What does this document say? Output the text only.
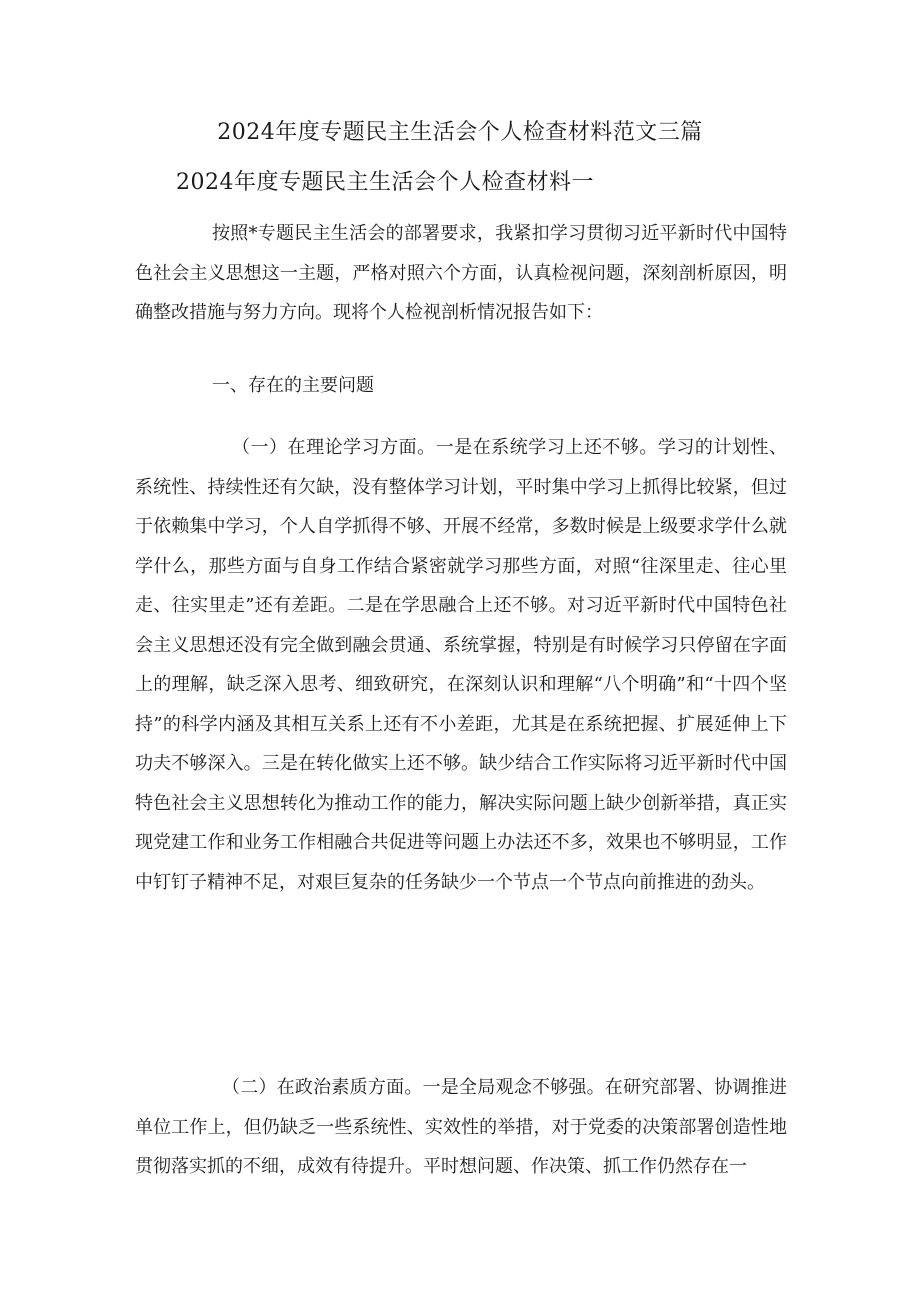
2024年度专题民主生活会个人检查材料范文三篇
2024年度专题民主生活会个人检查材料一

按照*专题民主生活会的部署要求，我紧扣学习贯彻习近平新时代中国特色社会主义思想这一主题，严格对照六个方面，认真检视问题，深刻剖析原因，明确整改措施与努力方向。现将个人检视剖析情况报告如下：

一、存在的主要问题

（一）在理论学习方面。一是在系统学习上还不够。学习的计划性、系统性、持续性还有欠缺，没有整体学习计划，平时集中学习上抓得比较紧，但过于依赖集中学习，个人自学抓得不够、开展不经常，多数时候是上级要求学什么就学什么，那些方面与自身工作结合紧密就学习那些方面，对照“往深里走、往心里走、往实里走”还有差距。二是在学思融合上还不够。对习近平新时代中国特色社会主义思想还没有完全做到融会贯通、系统掌握，特别是有时候学习只停留在字面上的理解，缺乏深入思考、细致研究，在深刻认识和理解“八个明确”和“十四个坚持”的科学内涵及其相互关系上还有不小差距，尤其是在系统把握、扩展延伸上下功夫不够深入。三是在转化做实上还不够。缺少结合工作实际将习近平新时代中国特色社会主义思想转化为推动工作的能力，解决实际问题上缺少创新举措，真正实现党建工作和业务工作相融合共促进等问题上办法还不多，效果也不够明显，工作中钉钉子精神不足，对艰巨复杂的任务缺少一个节点一个节点向前推进的劲头。

（二）在政治素质方面。一是全局观念不够强。在研究部署、协调推进单位工作上，但仍缺乏一些系统性、实效性的举措，对于党委的决策部署创造性地贯彻落实抓的不细，成效有待提升。平时想问题、作决策、抓工作仍然存在一
